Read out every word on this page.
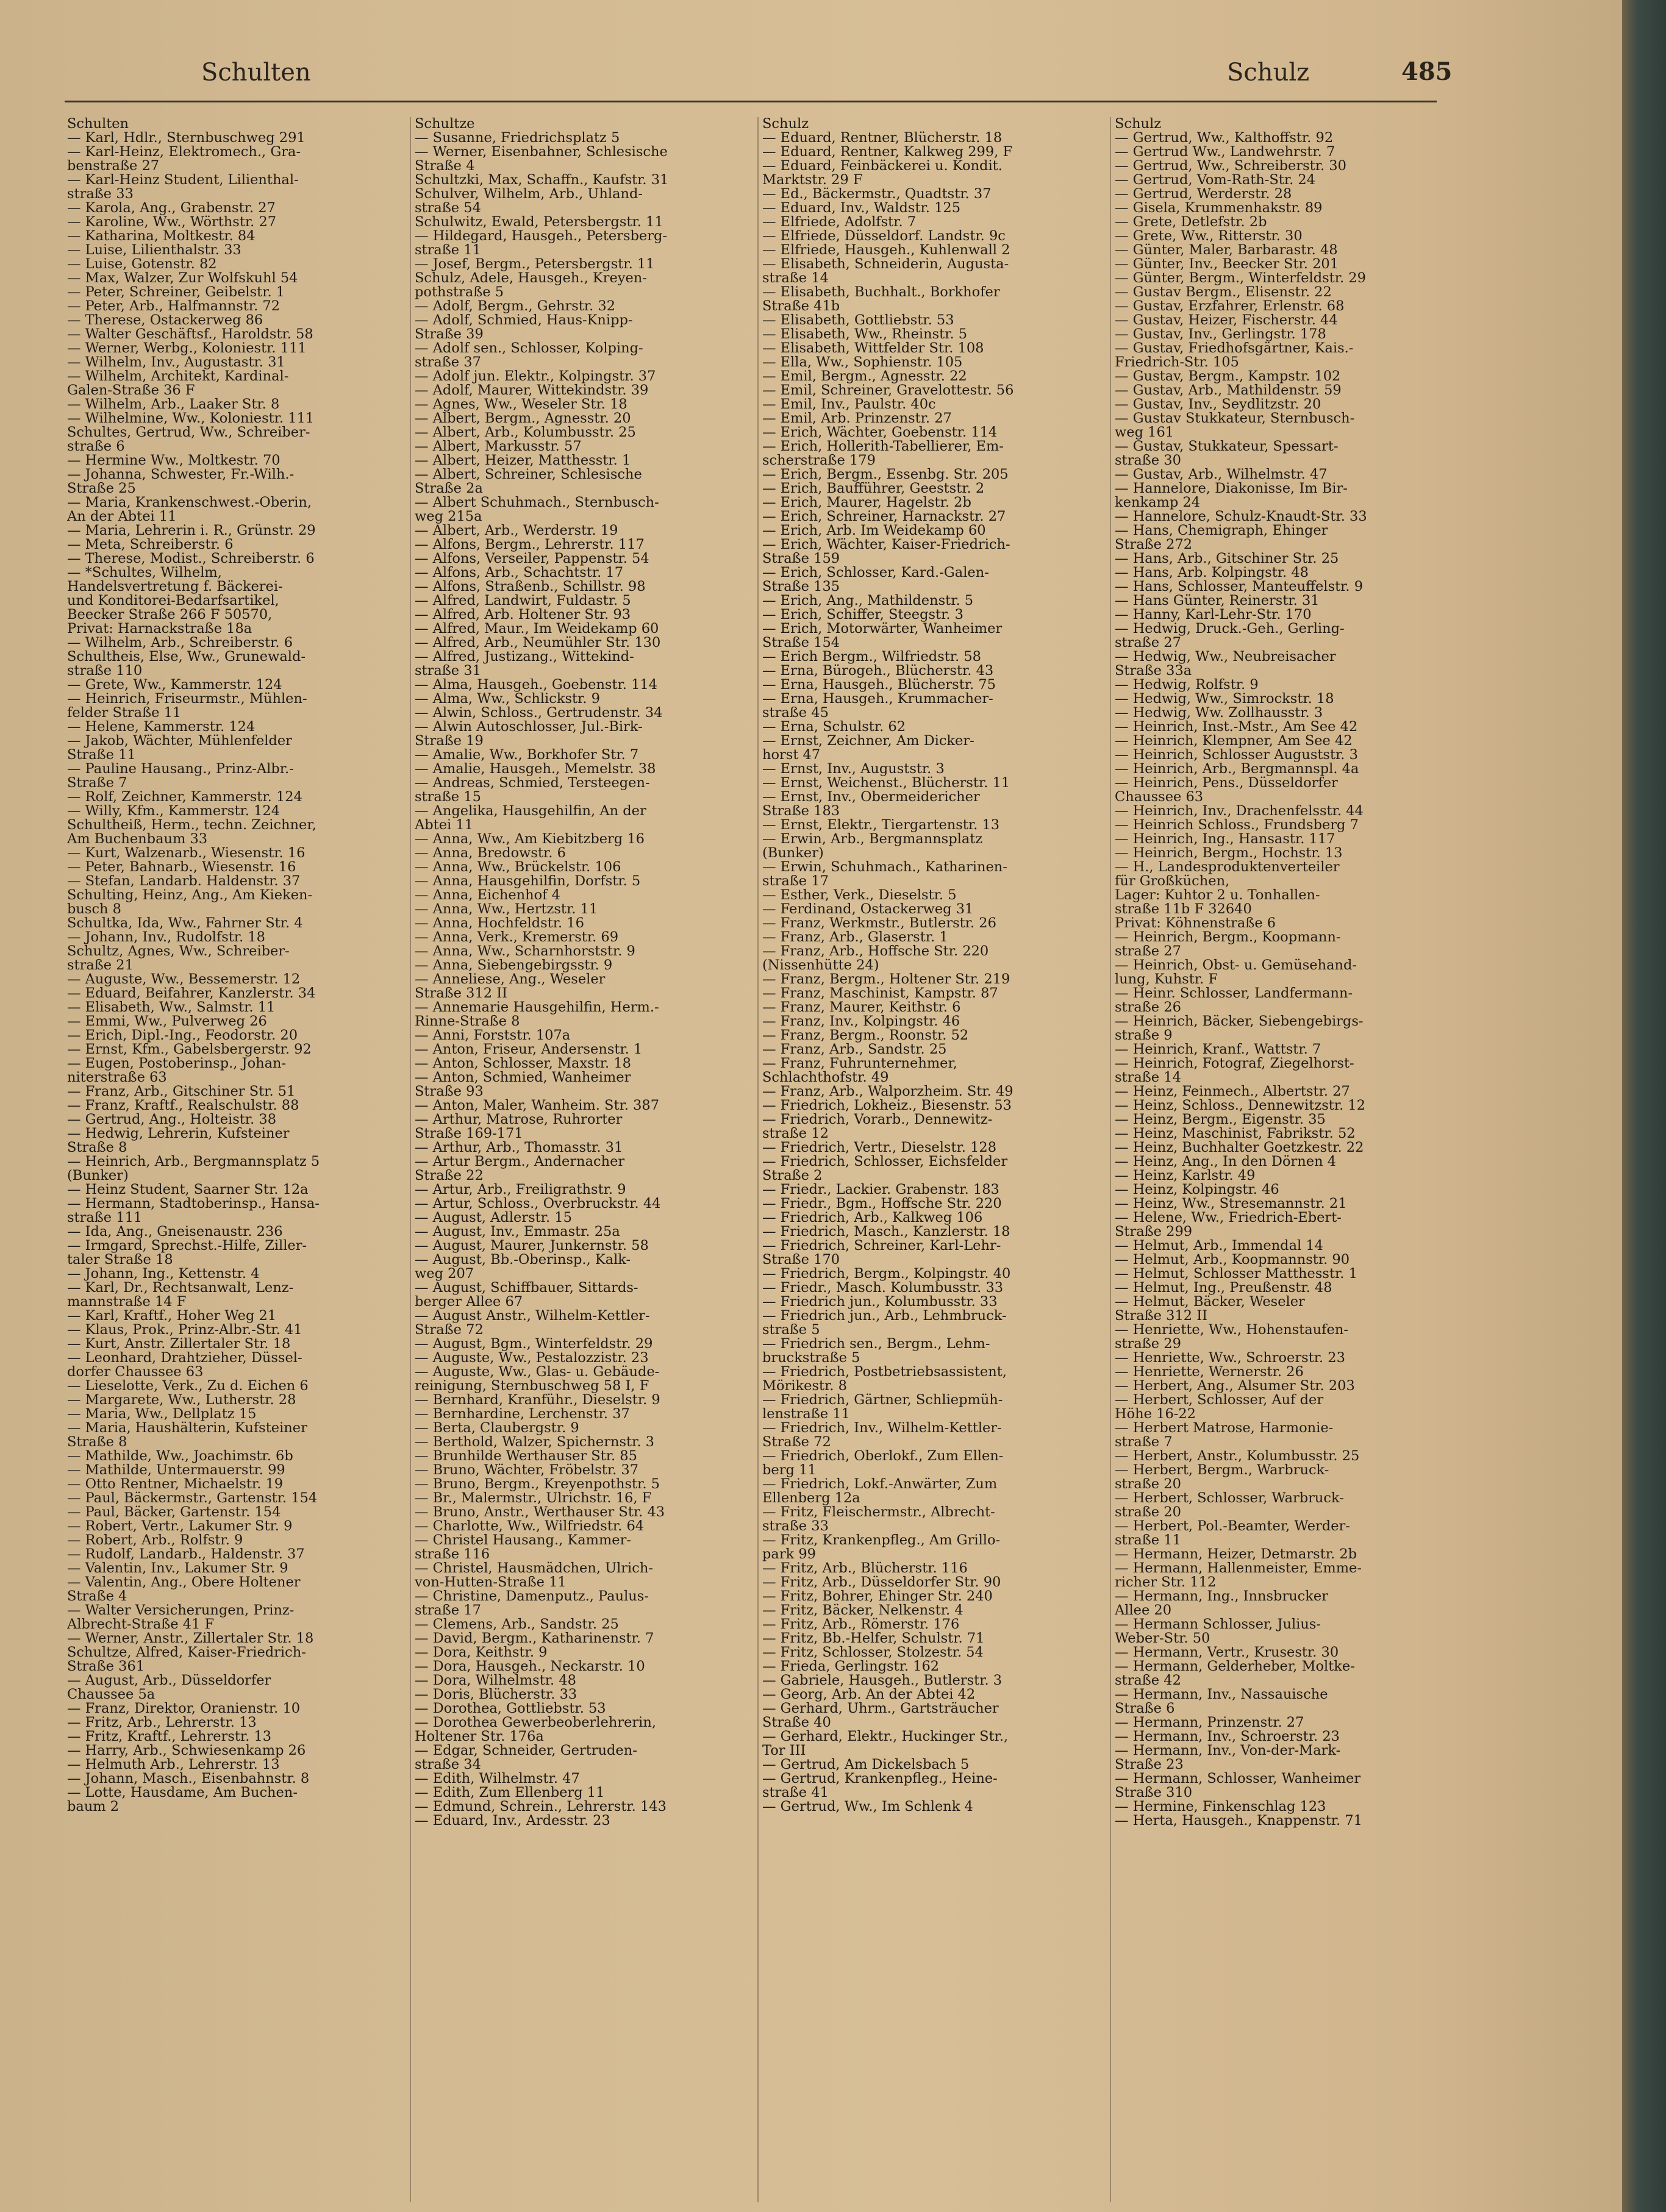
Schulten	Schulz	485
Schulten
— Karl, Hdlr., Sternbuschweg 291
— Karl-Heinz, Elektromech., Gra-
benstraße 27
— Karl-Heinz Student, Lilienthal-
straße 33
— Karola, Ang., Grabenstr. 27
— Karoline, Ww., Wörthstr. 27
— Katharina, Moltkestr. 84
— Luise, Lilienthalstr. 33
— Luise, Gotenstr. 82
— Max, Walzer, Zur Wolfskuhl 54
— Peter, Schreiner, Geibelstr. 1
— Peter, Arb., Halfmannstr. 72
— Therese, Ostackerweg 86
— Walter Geschäftsf., Haroldstr. 58
— Werner, Werbg., Koloniestr. 111
— Wilhelm, Inv., Augustastr. 31
— Wilhelm, Architekt, Kardinal-
Galen-Straße 36 F
— Wilhelm, Arb., Laaker Str. 8
— Wilhelmine, Ww., Koloniestr. 111
Schultes, Gertrud, Ww., Schreiber-
straße 6
— Hermine Ww., Moltkestr. 70
— Johanna, Schwester, Fr.-Wilh.-
Straße 25
— Maria, Krankenschwest.-Oberin,
An der Abtei 11
— Maria, Lehrerin i. R., Grünstr. 29
— Meta, Schreiberstr. 6
— Therese, Modist., Schreiberstr. 6
— *Schultes, Wilhelm,
Handelsvertretung f. Bäckerei-
und Konditorei-Bedarfsartikel,
Beecker Straße 266 F 50570,
Privat: Harnackstraße 18a
— Wilhelm, Arb., Schreiberstr. 6
Schultheis, Else, Ww., Grunewald-
straße 110
— Grete, Ww., Kammerstr. 124
— Heinrich, Friseurmstr., Mühlen-
felder Straße 11
— Helene, Kammerstr. 124
— Jakob, Wächter, Mühlenfelder
Straße 11
— Pauline Hausang., Prinz-Albr.-
Straße 7
— Rolf, Zeichner, Kammerstr. 124
— Willy, Kfm., Kammerstr. 124
Schultheiß, Herm., techn. Zeichner,
Am Buchenbaum 33
— Kurt, Walzenarb., Wiesenstr. 16
— Peter, Bahnarb., Wiesenstr. 16
— Stefan, Landarb. Haldenstr. 37
Schulting, Heinz, Ang., Am Kieken-
busch 8
Schultka, Ida, Ww., Fahrner Str. 4
— Johann, Inv., Rudolfstr. 18
Schultz, Agnes, Ww., Schreiber-
straße 21
— Auguste, Ww., Bessemerstr. 12
— Eduard, Beifahrer, Kanzlerstr. 34
— Elisabeth, Ww., Salmstr. 11
— Emmi, Ww., Pulverweg 26
— Erich, Dipl.-Ing., Feodorstr. 20
— Ernst, Kfm., Gabelsbergerstr. 92
— Eugen, Postoberinsp., Johan-
niterstraße 63
— Franz, Arb., Gitschiner Str. 51
— Franz, Kraftf., Realschulstr. 88
— Gertrud, Ang., Holteistr. 38
— Hedwig, Lehrerin, Kufsteiner
Straße 8
— Heinrich, Arb., Bergmannsplatz 5
(Bunker)
— Heinz Student, Saarner Str. 12a
— Hermann, Stadtoberinsp., Hansa-
straße 111
— Ida, Ang., Gneisenaustr. 236
— Irmgard, Sprechst.-Hilfe, Ziller-
taler Straße 18
— Johann, Ing., Kettenstr. 4
— Karl, Dr., Rechtsanwalt, Lenz-
mannstraße 14 F
— Karl, Kraftf., Hoher Weg 21
— Klaus, Prok., Prinz-Albr.-Str. 41
— Kurt, Anstr. Zillertaler Str. 18
— Leonhard, Drahtzieher, Düssel-
dorfer Chaussee 63
— Lieselotte, Verk., Zu d. Eichen 6
— Margarete, Ww., Lutherstr. 28
— Maria, Ww., Dellplatz 15
— Maria, Haushälterin, Kufsteiner
Straße 8
— Mathilde, Ww., Joachimstr. 6b
— Mathilde, Untermauerstr. 99
— Otto Rentner, Michaelstr. 19
— Paul, Bäckermstr., Gartenstr. 154
— Paul, Bäcker, Gartenstr. 154
— Robert, Vertr., Lakumer Str. 9
— Robert, Arb., Rolfstr. 9
— Rudolf, Landarb., Haldenstr. 37
— Valentin, Inv., Lakumer Str. 9
— Valentin, Ang., Obere Holtener
Straße 4
— Walter Versicherungen, Prinz-
Albrecht-Straße 41 F
— Werner, Anstr., Zillertaler Str. 18
Schultze, Alfred, Kaiser-Friedrich-
Straße 361
— August, Arb., Düsseldorfer
Chaussee 5a
— Franz, Direktor, Oranienstr. 10
— Fritz, Arb., Lehrerstr. 13
— Fritz, Kraftf., Lehrerstr. 13
— Harry, Arb., Schwiesenkamp 26
— Helmuth Arb., Lehrerstr. 13
— Johann, Masch., Eisenbahnstr. 8
— Lotte, Hausdame, Am Buchen-
baum 2
Schultze
— Susanne, Friedrichsplatz 5
— Werner, Eisenbahner, Schlesische
Straße 4
Schultzki, Max, Schaffn., Kaufstr. 31
Schulver, Wilhelm, Arb., Uhland-
straße 54
Schulwitz, Ewald, Petersbergstr. 11
— Hildegard, Hausgeh., Petersberg-
straße 11
— Josef, Bergm., Petersbergstr. 11
Schulz, Adele, Hausgeh., Kreyen-
pothstraße 5
— Adolf, Bergm., Gehrstr. 32
— Adolf, Schmied, Haus-Knipp-
Straße 39
— Adolf sen., Schlosser, Kolping-
straße 37
— Adolf jun. Elektr., Kolpingstr. 37
— Adolf, Maurer, Wittekindstr. 39
— Agnes, Ww., Weseler Str. 18
— Albert, Bergm., Agnesstr. 20
— Albert, Arb., Kolumbusstr. 25
— Albert, Markusstr. 57
— Albert, Heizer, Matthesstr. 1
— Albert, Schreiner, Schlesische
Straße 2a
— Albert Schuhmach., Sternbusch-
weg 215a
— Albert, Arb., Werderstr. 19
— Alfons, Bergm., Lehrerstr. 117
— Alfons, Verseiler, Pappenstr. 54
— Alfons, Arb., Schachtstr. 17
— Alfons, Straßenb., Schillstr. 98
— Alfred, Landwirt, Fuldastr. 5
— Alfred, Arb. Holtener Str. 93
— Alfred, Maur., Im Weidekamp 60
— Alfred, Arb., Neumühler Str. 130
— Alfred, Justizang., Wittekind-
straße 31
— Alma, Hausgeh., Goebenstr. 114
— Alma, Ww., Schlickstr. 9
— Alwin, Schloss., Gertrudenstr. 34
— Alwin Autoschlosser, Jul.-Birk-
Straße 19
— Amalie, Ww., Borkhofer Str. 7
— Amalie, Hausgeh., Memelstr. 38
— Andreas, Schmied, Tersteegen-
straße 15
— Angelika, Hausgehilfin, An der
Abtei 11
— Anna, Ww., Am Kiebitzberg 16
— Anna, Bredowstr. 6
— Anna, Ww., Brückelstr. 106
— Anna, Hausgehilfin, Dorfstr. 5
— Anna, Eichenhof 4
— Anna, Ww., Hertzstr. 11
— Anna, Hochfeldstr. 16
— Anna, Verk., Kremerstr. 69
— Anna, Ww., Scharnhorststr. 9
— Anna, Siebengebirgsstr. 9
— Anneliese, Ang., Weseler
Straße 312 II
— Annemarie Hausgehilfin, Herm.-
Rinne-Straße 8
— Anni, Forststr. 107a
— Anton, Friseur, Andersenstr. 1
— Anton, Schlosser, Maxstr. 18
— Anton, Schmied, Wanheimer
Straße 93
— Anton, Maler, Wanheim. Str. 387
— Arthur, Matrose, Ruhrorter
Straße 169-171
— Arthur, Arb., Thomasstr. 31
— Artur Bergm., Andernacher
Straße 22
— Artur, Arb., Freiligrathstr. 9
— Artur, Schloss., Overbruckstr. 44
— August, Adlerstr. 15
— August, Inv., Emmastr. 25a
— August, Maurer, Junkernstr. 58
— August, Bb.-Oberinsp., Kalk-
weg 207
— August, Schiffbauer, Sittards-
berger Allee 67
— August Anstr., Wilhelm-Kettler-
Straße 72
— August, Bgm., Winterfeldstr. 29
— Auguste, Ww., Pestalozzistr. 23
— Auguste, Ww., Glas- u. Gebäude-
reinigung, Sternbuschweg 58 I, F
— Bernhard, Kranführ., Dieselstr. 9
— Bernhardine, Lerchenstr. 37
— Berta, Claubergstr. 9
— Berthold, Walzer, Spichernstr. 3
— Brunhilde Werthauser Str. 85
— Bruno, Wächter, Fröbelstr. 37
— Bruno, Bergm., Kreyenpothstr. 5
— Br., Malermstr., Ulrichstr. 16, F
— Bruno, Anstr., Werthauser Str. 43
— Charlotte, Ww., Wilfriedstr. 64
— Christel Hausang., Kammer-
straße 116
— Christel, Hausmädchen, Ulrich-
von-Hutten-Straße 11
— Christine, Damenputz., Paulus-
straße 17
— Clemens, Arb., Sandstr. 25
— David, Bergm., Katharinenstr. 7
— Dora, Keithstr. 9
— Dora, Hausgeh., Neckarstr. 10
— Dora, Wilhelmstr. 48
— Doris, Blücherstr. 33
— Dorothea, Gottliebstr. 53
— Dorothea Gewerbeoberlehrerin,
Holtener Str. 176a
— Edgar, Schneider, Gertruden-
straße 34
— Edith, Wilhelmstr. 47
— Edith, Zum Ellenberg 11
— Edmund, Schrein., Lehrerstr. 143
— Eduard, Inv., Ardesstr. 23
Schulz
— Eduard, Rentner, Blücherstr. 18
— Eduard, Rentner, Kalkweg 299, F
— Eduard, Feinbäckerei u. Kondit.
Marktstr. 29 F
— Ed., Bäckermstr., Quadtstr. 37
— Eduard, Inv., Waldstr. 125
— Elfriede, Adolfstr. 7
— Elfriede, Düsseldorf. Landstr. 9c
— Elfriede, Hausgeh., Kuhlenwall 2
— Elisabeth, Schneiderin, Augusta-
straße 14
— Elisabeth, Buchhalt., Borkhofer
Straße 41b
— Elisabeth, Gottliebstr. 53
— Elisabeth, Ww., Rheinstr. 5
— Elisabeth, Wittfelder Str. 108
— Ella, Ww., Sophienstr. 105
— Emil, Bergm., Agnesstr. 22
— Emil, Schreiner, Gravelottestr. 56
— Emil, Inv., Paulstr. 40c
— Emil, Arb. Prinzenstr. 27
— Erich, Wächter, Goebenstr. 114
— Erich, Hollerith-Tabellierer, Em-
scherstraße 179
— Erich, Bergm., Essenbg. Str. 205
— Erich, Baufführer, Geeststr. 2
— Erich, Maurer, Hagelstr. 2b
— Erich, Schreiner, Harnackstr. 27
— Erich, Arb. Im Weidekamp 60
— Erich, Wächter, Kaiser-Friedrich-
Straße 159
— Erich, Schlosser, Kard.-Galen-
Straße 135
— Erich, Ang., Mathildenstr. 5
— Erich, Schiffer, Steegstr. 3
— Erich, Motorwärter, Wanheimer
Straße 154
— Erich Bergm., Wilfriedstr. 58
— Erna, Bürogeh., Blücherstr. 43
— Erna, Hausgeh., Blücherstr. 75
— Erna, Hausgeh., Krummacher-
straße 45
— Erna, Schulstr. 62
— Ernst, Zeichner, Am Dicker-
horst 47
— Ernst, Inv., Auguststr. 3
— Ernst, Weichenst., Blücherstr. 11
— Ernst, Inv., Obermeidericher
Straße 183
— Ernst, Elektr., Tiergartenstr. 13
— Erwin, Arb., Bergmannsplatz
(Bunker)
— Erwin, Schuhmach., Katharinen-
straße 17
— Esther, Verk., Dieselstr. 5
— Ferdinand, Ostackerweg 31
— Franz, Werkmstr., Butlerstr. 26
— Franz, Arb., Glaserstr. 1
— Franz, Arb., Hoffsche Str. 220
(Nissenhütte 24)
— Franz, Bergm., Holtener Str. 219
— Franz, Maschinist, Kampstr. 87
— Franz, Maurer, Keithstr. 6
— Franz, Inv., Kolpingstr. 46
— Franz, Bergm., Roonstr. 52
— Franz, Arb., Sandstr. 25
— Franz, Fuhrunternehmer,
Schlachthofstr. 49
— Franz, Arb., Walporzheim. Str. 49
— Friedrich, Lokheiz., Biesenstr. 53
— Friedrich, Vorarb., Dennewitz-
straße 12
— Friedrich, Vertr., Dieselstr. 128
— Friedrich, Schlosser, Eichsfelder
Straße 2
— Friedr., Lackier. Grabenstr. 183
— Friedr., Bgm., Hoffsche Str. 220
— Friedrich, Arb., Kalkweg 106
— Friedrich, Masch., Kanzlerstr. 18
— Friedrich, Schreiner, Karl-Lehr-
Straße 170
— Friedrich, Bergm., Kolpingstr. 40
— Friedr., Masch. Kolumbusstr. 33
— Friedrich jun., Kolumbusstr. 33
— Friedrich jun., Arb., Lehmbruck-
straße 5
— Friedrich sen., Bergm., Lehm-
bruckstraße 5
— Friedrich, Postbetriebsassistent,
Mörikestr. 8
— Friedrich, Gärtner, Schliepmüh-
lenstraße 11
— Friedrich, Inv., Wilhelm-Kettler-
Straße 72
— Friedrich, Oberlokf., Zum Ellen-
berg 11
— Friedrich, Lokf.-Anwärter, Zum
Ellenberg 12a
— Fritz, Fleischermstr., Albrecht-
straße 33
— Fritz, Krankenpfleg., Am Grillo-
park 99
— Fritz, Arb., Blücherstr. 116
— Fritz, Arb., Düsseldorfer Str. 90
— Fritz, Bohrer, Ehinger Str. 240
— Fritz, Bäcker, Nelkenstr. 4
— Fritz, Arb., Römerstr. 176
— Fritz, Bb.-Helfer, Schulstr. 71
— Fritz, Schlosser, Stolzestr. 54
— Frieda, Gerlingstr. 162
— Gabriele, Hausgeh., Butlerstr. 3
— Georg, Arb. An der Abtei 42
— Gerhard, Uhrm., Gartsträucher
Straße 40
— Gerhard, Elektr., Huckinger Str.,
Tor III
— Gertrud, Am Dickelsbach 5
— Gertrud, Krankenpfleg., Heine-
straße 41
— Gertrud, Ww., Im Schlenk 4
Schulz
— Gertrud, Ww., Kalthoffstr. 92
— Gertrud Ww., Landwehrstr. 7
— Gertrud, Ww., Schreiberstr. 30
— Gertrud, Vom-Rath-Str. 24
— Gertrud, Werderstr. 28
— Gisela, Krummenhakstr. 89
— Grete, Detlefstr. 2b
— Grete, Ww., Ritterstr. 30
— Günter, Maler, Barbarastr. 48
— Günter, Inv., Beecker Str. 201
— Günter, Bergm., Winterfeldstr. 29
— Gustav Bergm., Elisenstr. 22
— Gustav, Erzfahrer, Erlenstr. 68
— Gustav, Heizer, Fischerstr. 44
— Gustav, Inv., Gerlingstr. 178
— Gustav, Friedhofsgärtner, Kais.-
Friedrich-Str. 105
— Gustav, Bergm., Kampstr. 102
— Gustav, Arb., Mathildenstr. 59
— Gustav, Inv., Seydlitzstr. 20
— Gustav Stukkateur, Sternbusch-
weg 161
— Gustav, Stukkateur, Spessart-
straße 30
— Gustav, Arb., Wilhelmstr. 47
— Hannelore, Diakonisse, Im Bir-
kenkamp 24
— Hannelore, Schulz-Knaudt-Str. 33
— Hans, Chemigraph, Ehinger
Straße 272
— Hans, Arb., Gitschiner Str. 25
— Hans, Arb. Kolpingstr. 48
— Hans, Schlosser, Manteuffelstr. 9
— Hans Günter, Reinerstr. 31
— Hanny, Karl-Lehr-Str. 170
— Hedwig, Druck.-Geh., Gerling-
straße 27
— Hedwig, Ww., Neubreisacher
Straße 33a
— Hedwig, Rolfstr. 9
— Hedwig, Ww., Simrockstr. 18
— Hedwig, Ww. Zollhausstr. 3
— Heinrich, Inst.-Mstr., Am See 42
— Heinrich, Klempner, Am See 42
— Heinrich, Schlosser Auguststr. 3
— Heinrich, Arb., Bergmannspl. 4a
— Heinrich, Pens., Düsseldorfer
Chaussee 63
— Heinrich, Inv., Drachenfelsstr. 44
— Heinrich Schloss., Frundsberg 7
— Heinrich, Ing., Hansastr. 117
— Heinrich, Bergm., Hochstr. 13
— H., Landesproduktenverteiler
für Großküchen,
Lager: Kuhtor 2 u. Tonhallen-
straße 11b F 32640
Privat: Köhnenstraße 6
— Heinrich, Bergm., Koopmann-
straße 27
— Heinrich, Obst- u. Gemüsehand-
lung, Kuhstr. F
— Heinr. Schlosser, Landfermann-
straße 26
— Heinrich, Bäcker, Siebengebirgs-
straße 9
— Heinrich, Kranf., Wattstr. 7
— Heinrich, Fotograf, Ziegelhorst-
straße 14
— Heinz, Feinmech., Albertstr. 27
— Heinz, Schloss., Dennewitzstr. 12
— Heinz, Bergm., Eigenstr. 35
— Heinz, Maschinist, Fabrikstr. 52
— Heinz, Buchhalter Goetzkestr. 22
— Heinz, Ang., In den Dörnen 4
— Heinz, Karlstr. 49
— Heinz, Kolpingstr. 46
— Heinz, Ww., Stresemannstr. 21
— Helene, Ww., Friedrich-Ebert-
Straße 299
— Helmut, Arb., Immendal 14
— Helmut, Arb., Koopmannstr. 90
— Helmut, Schlosser Matthesstr. 1
— Helmut, Ing., Preußenstr. 48
— Helmut, Bäcker, Weseler
Straße 312 II
— Henriette, Ww., Hohenstaufen-
straße 29
— Henriette, Ww., Schroerstr. 23
— Henriette, Wernerstr. 26
— Herbert, Ang., Alsumer Str. 203
— Herbert, Schlosser, Auf der
Höhe 16-22
— Herbert Matrose, Harmonie-
straße 7
— Herbert, Anstr., Kolumbusstr. 25
— Herbert, Bergm., Warbruck-
straße 20
— Herbert, Schlosser, Warbruck-
straße 20
— Herbert, Pol.-Beamter, Werder-
straße 11
— Hermann, Heizer, Detmarstr. 2b
— Hermann, Hallenmeister, Emme-
richer Str. 112
— Hermann, Ing., Innsbrucker
Allee 20
— Hermann Schlosser, Julius-
Weber-Str. 50
— Hermann, Vertr., Krusestr. 30
— Hermann, Gelderheber, Moltke-
straße 42
— Hermann, Inv., Nassauische
Straße 6
— Hermann, Prinzenstr. 27
— Hermann, Inv., Schroerstr. 23
— Hermann, Inv., Von-der-Mark-
Straße 23
— Hermann, Schlosser, Wanheimer
Straße 310
— Hermine, Finkenschlag 123
— Herta, Hausgeh., Knappenstr. 71
